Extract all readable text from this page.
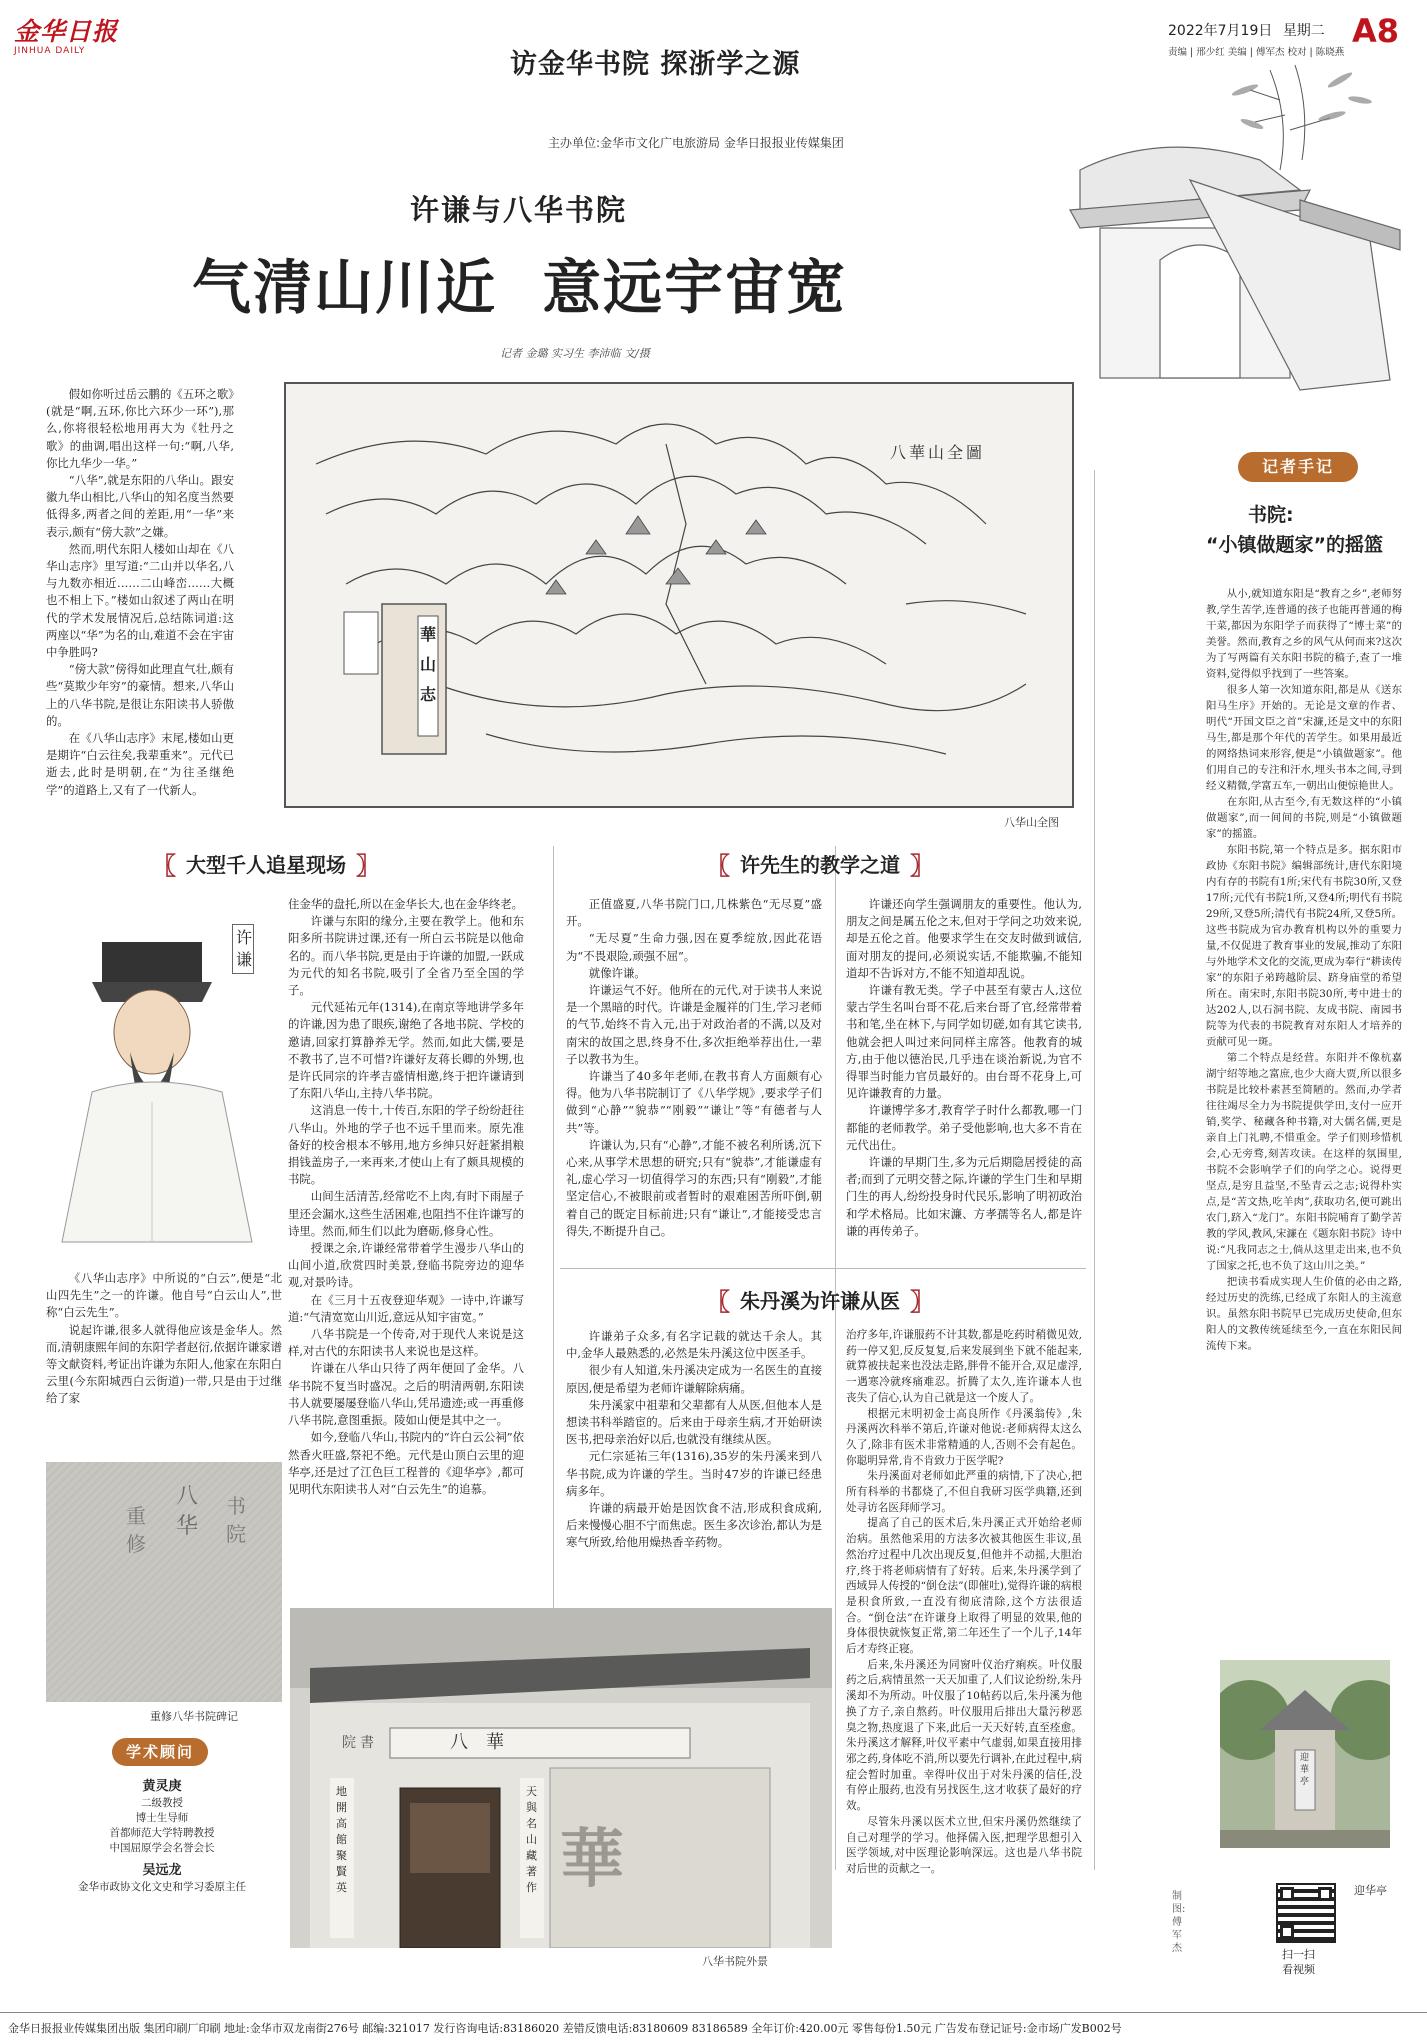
金华日报
JINHUA DAILY	访金华书院 探浙学之源
2022年7月19日 星期二 A8
责编 | 邢少红 美编 | 傅军杰 校对 | 陈晓燕
主办单位:金华市文化广电旅游局 金华日报报业传媒集团
许谦与八华书院
气清山川近  意远宇宙宽
记者 金璐 实习生 李沛临 文/摄

假如你听过岳云鹏的《五环之歌》(就是“啊,五环,你比六环少一环”),那么,你将很轻松地用再大为《牡丹之歌》的曲调,唱出这样一句:“啊,八华,你比九华少一华。”

“八华”,就是东阳的八华山。跟安徽九华山相比,八华山的知名度当然要低得多,两者之间的差距,用“一华”来表示,颇有“傍大款”之嫌。

然而,明代东阳人楼如山却在《八华山志序》里写道:“二山并以华名,八与九数亦相近……二山峰峦……大概也不相上下。”楼如山叙述了两山在明代的学术发展情况后,总结陈词道:这两座以“华”为名的山,难道不会在宇宙中争胜吗?

“傍大款”傍得如此理直气壮,颇有些“莫欺少年穷”的豪情。想来,八华山上的八华书院,是很让东阳读书人骄傲的。

在《八华山志序》末尾,楼如山更是期许“白云往矣,我辈重来”。元代已逝去,此时是明朝,在“为往圣继绝学”的道路上,又有了一代新人。

八華山全圖
華山志
八华山全图
〖 大型千人追星现场 〗
许谦

《八华山志序》中所说的“白云”,便是“北山四先生”之一的许谦。他自号“白云山人”,世称“白云先生”。

说起许谦,很多人就得他应该是金华人。然而,清朝康熙年间的东阳学者赵衍,依据许谦家谱等文献资料,考证出许谦为东阳人,他家在东阳白云里(今东阳城西白云街道)一带,只是由于过继给了家

八华
重修
书院
重修八华书院碑记

住金华的盘托,所以在金华长大,也在金华终老。

许谦与东阳的缘分,主要在教学上。他和东阳多所书院讲过课,还有一所白云书院是以他命名的。而八华书院,更是由于许谦的加盟,一跃成为元代的知名书院,吸引了全省乃至全国的学子。

元代延祐元年(1314),在南京等地讲学多年的许谦,因为患了眼疾,谢绝了各地书院、学校的邀请,回家打算静养无学。然而,如此大儒,要是不教书了,岂不可惜?许谦好友蒋长卿的外甥,也是许氏同宗的许孝吉盛情相邀,终于把许谦请到了东阳八华山,主持八华书院。

这消息一传十,十传百,东阳的学子纷纷赶往八华山。外地的学子也不远千里而来。原先准备好的校舍根本不够用,地方乡绅只好赶紧捐粮捐钱盖房子,一来再来,才使山上有了颇具规模的书院。

山间生活清苦,经常吃不上肉,有时下雨屋子里还会漏水,这些生活困难,也阻挡不住许谦写的诗里。然而,师生们以此为磨砺,修身心性。

授课之余,许谦经常带着学生漫步八华山的山间小道,欣赏四时美景,登临书院旁边的迎华观,对景吟诗。

在《三月十五夜登迎华观》一诗中,许谦写道:“气清宽宽山川近,意远从知宇宙宽。”

八华书院是一个传奇,对于现代人来说是这样,对古代的东阳读书人来说也是这样。

许谦在八华山只待了两年便回了金华。八华书院不复当时盛况。之后的明清两朝,东阳读书人就要屡屡登临八华山,凭吊遗迹;或一再重修八华书院,意图重振。陵如山便是其中之一。

如今,登临八华山,书院内的“许白云公祠”依然香火旺盛,祭祀不绝。元代是山顶白云里的迎华亭,还是过了江色巨工程普的《迎华亭》,都可见明代东阳读书人对“白云先生”的追慕。

正值盛夏,八华书院门口,几株紫色“无尽夏”盛开。

“无尽夏”生命力强,因在夏季绽放,因此花语为“不畏艰险,顽强不屈”。

就像许谦。

许谦运气不好。他所在的元代,对于读书人来说是一个黑暗的时代。许谦是金履祥的门生,学习老师的气节,始终不肯入元,出于对政治者的不满,以及对南宋的故国之思,终身不仕,多次拒绝举荐出仕,一辈子以教书为生。

许谦当了40多年老师,在教书育人方面颇有心得。他为八华书院制订了《八华学规》,要求学子们做到“心静”“貌恭”“刚毅”“谦让”等“有德者与人共”等。

许谦认为,只有“心静”,才能不被名利所诱,沉下心来,从事学术思想的研究;只有“貌恭”,才能谦虚有礼,虚心学习一切值得学习的东西;只有“刚毅”,才能坚定信心,不被眼前或者暂时的艰难困苦所吓倒,朝着自己的既定目标前进;只有“谦让”,才能接受忠言得失,不断提升自己。

〖 许先生的教学之道 〗

许谦还向学生强调朋友的重要性。他认为,朋友之间是属五伦之末,但对于学问之功效来说,却是五伦之首。他要求学生在交友时做到诚信,面对朋友的提问,必须说实话,不能欺骗,不能知道却不告诉对方,不能不知道却乱说。

许谦有教无类。学子中甚至有蒙古人,这位蒙古学生名叫台哥不花,后来台哥了官,经常带着书和笔,坐在林下,与同学如切磋,如有其它读书,他就会把人叫过来问同样主席答。他教育的城方,由于他以德治民,几乎违在谈治新说,为官不得罪当时能力官员最好的。由台哥不花身上,可见许谦教育的力量。

许谦博学多才,教育学子时什么都教,哪一门都能的老师教学。弟子受他影响,也大多不肯在元代出仕。

许谦的早期门生,多为元后期隐居授徒的高者;而到了元明交替之际,许谦的学生门生和早期门生的再人,纷纷投身时代民乐,影响了明初政治和学术格局。比如宋濂、方孝孺等名人,都是许谦的再传弟子。

〖 朱丹溪为许谦从医 〗

许谦弟子众多,有名字记载的就达千余人。其中,金华人最熟悉的,必然是朱丹溪这位中医圣手。

很少有人知道,朱丹溪决定成为一名医生的直接原因,便是希望为老师许谦解除病痛。

朱丹溪家中祖辈和父辈都有人从医,但他本人是想读书科举踏宦的。后来由于母亲生病,才开始研读医书,把母亲治好以后,也就没有继续从医。

元仁宗延祐三年(1316),35岁的朱丹溪来到八华书院,成为许谦的学生。当时47岁的许谦已经患病多年。

许谦的病最开始是因饮食不洁,形成积食成痢,后来慢慢心胆不宁而焦虑。医生多次诊治,都认为是寒气所致,给他用燥热香辛药物。

治疗多年,许谦服药不计其数,都是吃药时稍微见效,药一停又犯,反反复复,后来发展到坐下就不能起来,就算被扶起来也没法走路,胖骨不能开合,双足虚浮,一遇寒冷就疼痛难忍。折腾了太久,连许谦本人也丧失了信心,认为自己就是这一个废人了。

根据元末明初金士高良所作《丹溪翁传》,朱丹溪两次科举不第后,许谦对他说:老师病得太这么久了,除非有医术非常精通的人,否则不会有起色。你聪明异常,肯不肯致力于医学呢?

朱丹溪面对老师如此严重的病情,下了决心,把所有科举的书都烧了,不但自我研习医学典籍,还到处寻访名医拜师学习。

提高了自己的医术后,朱丹溪正式开始给老师治病。虽然他采用的方法多次被其他医生非议,虽然治疗过程中几次出现反复,但他并不动摇,大胆治疗,终于将老师病情有了好转。后来,朱丹溪学到了西域异人传授的“倒仓法”(即催吐),觉得许谦的病根是积食所致,一直没有彻底清除,这个方法很适合。“倒仓法”在许谦身上取得了明显的效果,他的身体很快就恢复正常,第二年还生了一个儿子,14年后才寿终正寝。

后来,朱丹溪还为同窗叶仪治疗痢疾。叶仪服药之后,病情虽然一天天加重了,人们议论纷纷,朱丹溪却不为所动。叶仪服了10帖药以后,朱丹溪为他换了方子,亲自熬药。叶仪服用后排出大量污秽恶臭之物,热度退了下来,此后一天天好转,直至痊愈。朱丹溪这才解释,叶仪平素中气虚弱,如果直接用排邪之药,身体吃不消,所以要先行调补,在此过程中,病症会暂时加重。幸得叶仪出于对朱丹溪的信任,没有停止服药,也没有另找医生,这才收获了最好的疗效。

尽管朱丹溪以医术立世,但宋丹溪仍然继续了自己对理学的学习。他择儒入医,把理学思想引入医学领域,对中医理论影响深远。这也是八华书院对后世的贡献之一。

八華
院書
天與名山藏著作
地開高館聚賢英	華
八华书院外景
学术顾问
黄灵庚
二级教授
博士生导师
首都师范大学特聘教授
中国屈原学会名誉会长
吴远龙
金华市政协文化文史和学习委原主任
记者手记
书院:
“小镇做题家”的摇篮

从小,就知道东阳是“教育之乡”,老师努教,学生苦学,连普通的孩子也能再普通的梅干菜,都因为东阳学子而获得了“博士菜”的美誉。然而,教育之乡的风气从何而来?这次为了写两篇有关东阳书院的稿子,查了一堆资料,觉得似乎找到了一些答案。

很多人第一次知道东阳,都是从《送东阳马生序》开始的。无论是文章的作者、明代“开国文臣之首”宋濂,还是文中的东阳马生,都是那个年代的苦学生。如果用最近的网络热词来形容,便是“小镇做题家”。他们用自己的专注和汗水,埋头书本之间,寻到经义精微,学富五车,一朝出山便惊艳世人。

在东阳,从古至今,有无数这样的“小镇做题家”,而一间间的书院,则是“小镇做题家”的摇篮。

东阳书院,第一个特点是多。据东阳市政协《东阳书院》编辑部统计,唐代东阳境内有存的书院有1所;宋代有书院30所,又登17所;元代有书院1所,又登4所;明代有书院29所,又登5所;清代有书院24所,又登5所。这些书院成为官办教育机构以外的重要力量,不仅促进了教育事业的发展,推动了东阳与外地学术文化的交流,更成为奉行“耕读传家”的东阳子弟跨越阶层、跻身庙堂的希望所在。南宋时,东阳书院30所,考中进士的达202人,以石洞书院、友成书院、南园书院等为代表的书院教育对东阳人才培养的贡献可见一斑。

第二个特点是经营。东阳并不像杭嘉湖宁绍等地之富庶,也少大商大贾,所以很多书院是比较朴素甚至简陋的。然而,办学者往往竭尽全力为书院提供学田,支付一应开销,奖学、秘藏各种书籍,对大儒名儒,更是亲自上门礼聘,不惜重金。学子们则珍惜机会,心无旁骛,刻苦攻读。在这样的氛围里,书院不会影响学子们的向学之心。说得更坚点,是穷且益坚,不坠青云之志;说得朴实点,是“苦文热,吃羊肉”,获取功名,便可跳出农门,跻入“龙门”。东阳书院哺育了勤学苦教的学风,教风,宋濂在《题东阳书院》诗中说:“凡我同志之士,倘从这里走出来,也不负了国家之托,也不负了这山川之美。”

把读书看成实现人生价值的必由之路,经过历史的洗练,已经成了东阳人的主流意识。虽然东阳书院早已完成历史使命,但东阳人的文教传统延续至今,一直在东阳民间流传下来。

迎華亭
迎华亭
扫一扫
看视频
制图:傅军杰
金华日报报业传媒集团出版 集团印刷厂印刷 地址:金华市双龙南街276号 邮编:321017 发行咨询电话:83186020 差错反馈电话:83180609 83186589 全年订价:420.00元 零售每份1.50元 广告发布登记证号:金市场广发B002号
